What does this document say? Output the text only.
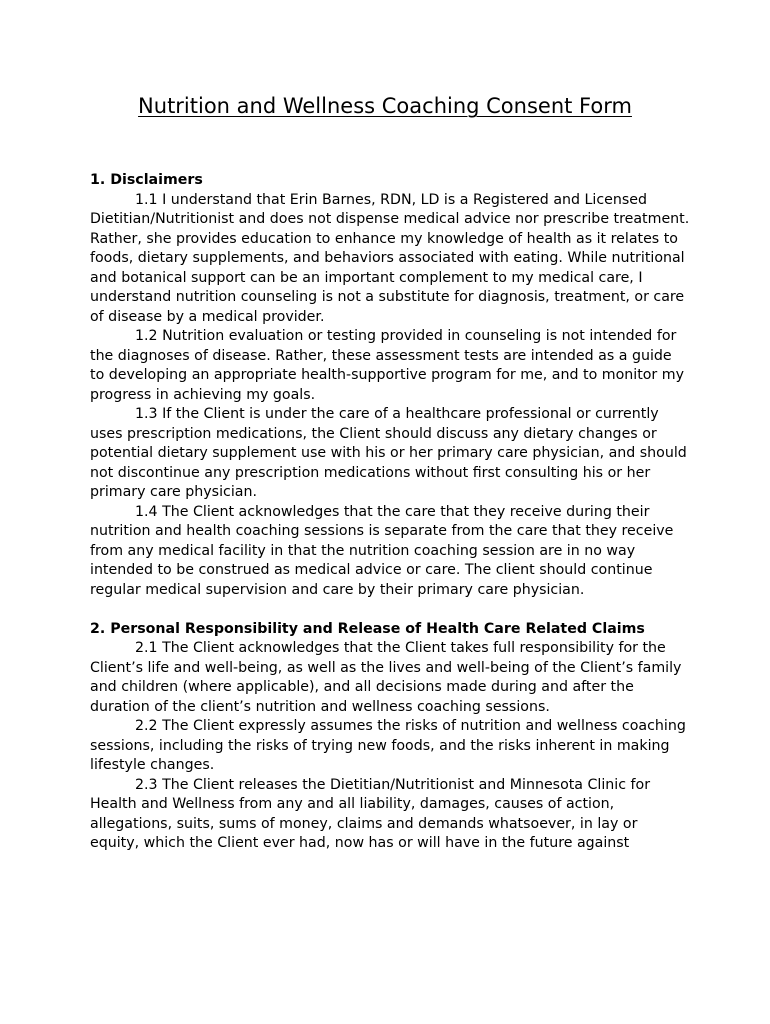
Nutrition and Wellness Coaching Consent Form

1. Disclaimers

1.1 I understand that Erin Barnes, RDN, LD is a Registered and Licensed Dietitian/Nutritionist and does not dispense medical advice nor prescribe treatment. Rather, she provides education to enhance my knowledge of health as it relates to foods, dietary supplements, and behaviors associated with eating. While nutritional and botanical support can be an important complement to my medical care, I understand nutrition counseling is not a substitute for diagnosis, treatment, or care of disease by a medical provider.

1.2 Nutrition evaluation or testing provided in counseling is not intended for the diagnoses of disease. Rather, these assessment tests are intended as a guide to developing an appropriate health-supportive program for me, and to monitor my progress in achieving my goals.

1.3 If the Client is under the care of a healthcare professional or currently uses prescription medications, the Client should discuss any dietary changes or potential dietary supplement use with his or her primary care physician, and should not discontinue any prescription medications without first consulting his or her primary care physician.

1.4 The Client acknowledges that the care that they receive during their nutrition and health coaching sessions is separate from the care that they receive from any medical facility in that the nutrition coaching session are in no way intended to be construed as medical advice or care. The client should continue regular medical supervision and care by their primary care physician.

2. Personal Responsibility and Release of Health Care Related Claims

2.1 The Client acknowledges that the Client takes full responsibility for the Client’s life and well-being, as well as the lives and well-being of the Client’s family and children (where applicable), and all decisions made during and after the duration of the client’s nutrition and wellness coaching sessions.

2.2 The Client expressly assumes the risks of nutrition and wellness coaching sessions, including the risks of trying new foods, and the risks inherent in making lifestyle changes.

2.3 The Client releases the Dietitian/Nutritionist and Minnesota Clinic for Health and Wellness from any and all liability, damages, causes of action, allegations, suits, sums of money, claims and demands whatsoever, in lay or equity, which the Client ever had, now has or will have in the future against
